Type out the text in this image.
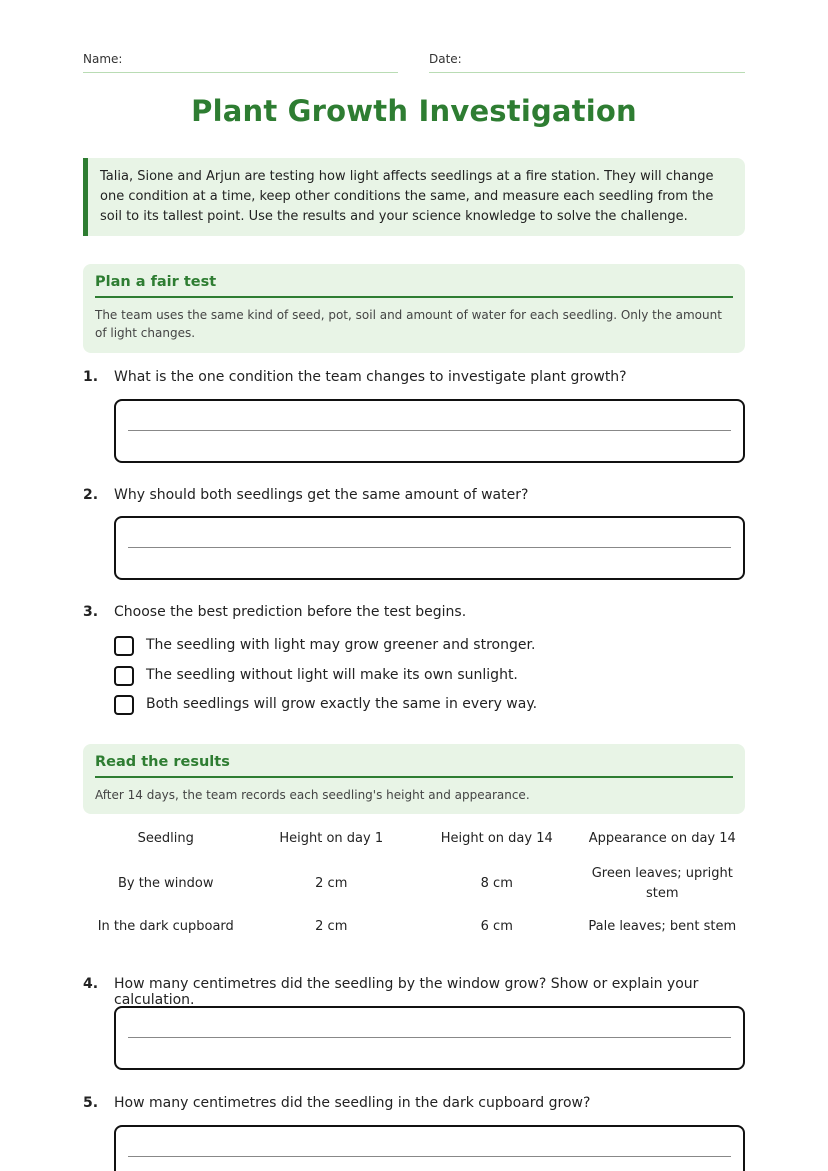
Name:	Date:
Plant Growth Investigation
Talia, Sione and Arjun are testing how light affects seedlings at a fire station. They will change one condition at a time, keep other conditions the same, and measure each seedling from the soil to its tallest point. Use the results and your science knowledge to solve the challenge.
Plan a fair test

The team uses the same kind of seed, pot, soil and amount of water for each seedling. Only the amount of light changes.

1. What is the one condition the team changes to investigate plant growth?
2. Why should both seedlings get the same amount of water?
3. Choose the best prediction before the test begins.
The seedling with light may grow greener and stronger.
The seedling without light will make its own sunlight.
Both seedlings will grow exactly the same in every way.
Read the results

After 14 days, the team records each seedling's height and appearance.

Seedling	Height on day 1	Height on day 14	Appearance on day 14
By the window	2 cm	8 cm	Green leaves; upright stem
In the dark cupboard	2 cm	6 cm	Pale leaves; bent stem
4. How many centimetres did the seedling by the window grow? Show or explain your calculation.
5. How many centimetres did the seedling in the dark cupboard grow?
